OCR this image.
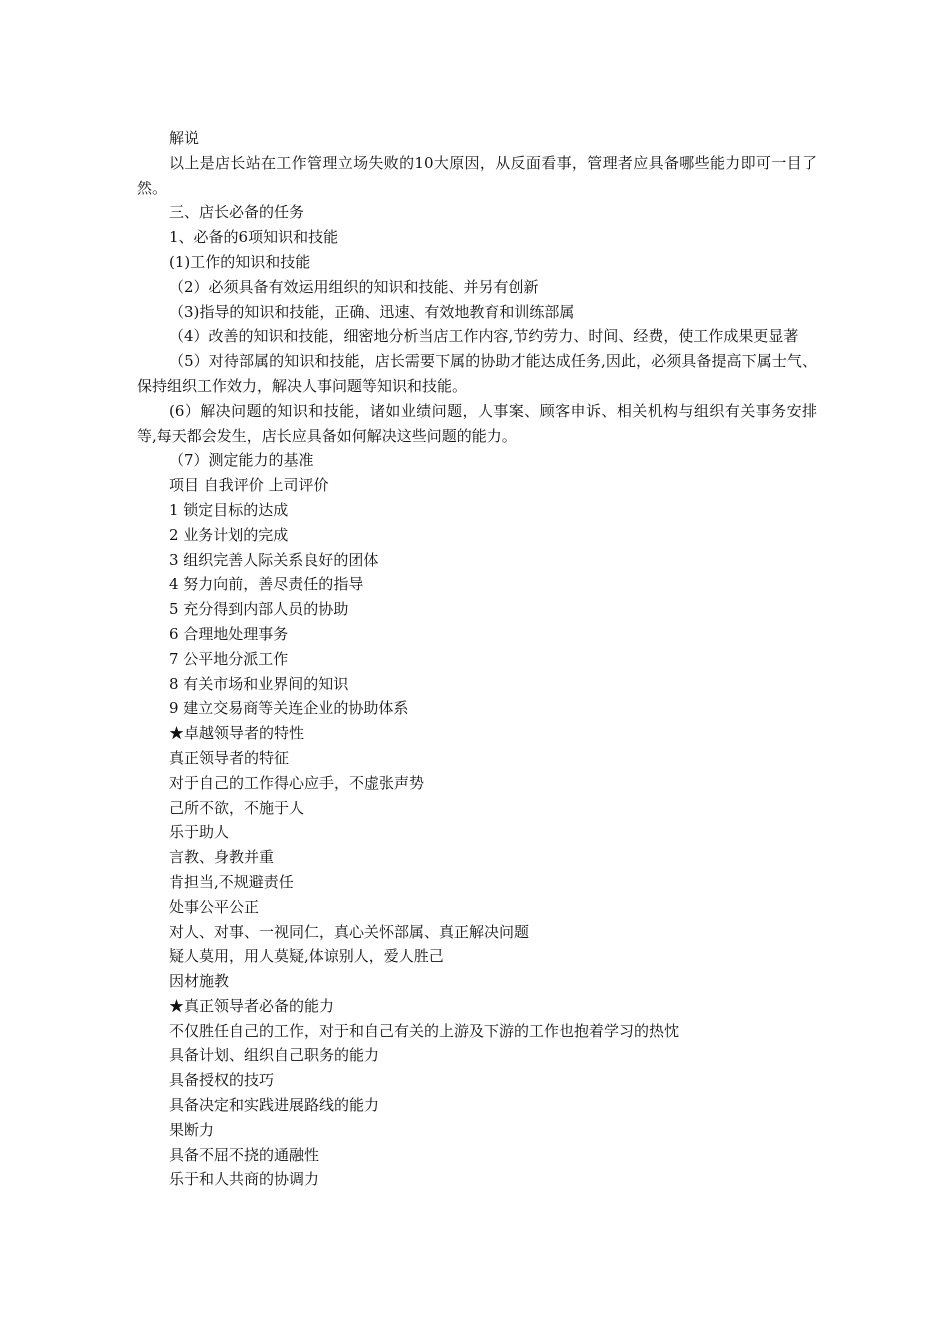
解说

以上是店长站在工作管理立场失败的10大原因，从反面看事，管理者应具备哪些能力即可一目了然。

三、店长必备的任务

1、必备的6项知识和技能

(1)工作的知识和技能

（2）必须具备有效运用组织的知识和技能、并另有创新

（3)指导的知识和技能，正确、迅速、有效地教育和训练部属

（4）改善的知识和技能，细密地分析当店工作内容,节约劳力、时间、经费，使工作成果更显著

（5）对待部属的知识和技能，店长需要下属的协助才能达成任务,因此，必须具备提高下属士气、保持组织工作效力，解决人事问题等知识和技能。

(6）解决问题的知识和技能，诸如业绩问题，人事案、顾客申诉、相关机构与组织有关事务安排等,每天都会发生，店长应具备如何解决这些问题的能力。

（7）测定能力的基准

项目 自我评价 上司评价

1 锁定目标的达成

2 业务计划的完成

3 组织完善人际关系良好的团体

4 努力向前，善尽责任的指导

5 充分得到内部人员的协助

6 合理地处理事务

7 公平地分派工作

8 有关市场和业界间的知识

9 建立交易商等关连企业的协助体系

★卓越领导者的特性

真正领导者的特征

对于自己的工作得心应手，不虚张声势

己所不欲，不施于人

乐于助人

言教、身教并重

肯担当,不规避责任

处事公平公正

对人、对事、一视同仁，真心关怀部属、真正解决问题

疑人莫用，用人莫疑,体谅别人，爱人胜己

因材施教

★真正领导者必备的能力

不仅胜任自己的工作，对于和自己有关的上游及下游的工作也抱着学习的热忱

具备计划、组织自己职务的能力

具备授权的技巧

具备决定和实践进展路线的能力

果断力

具备不屈不挠的通融性

乐于和人共商的协调力
